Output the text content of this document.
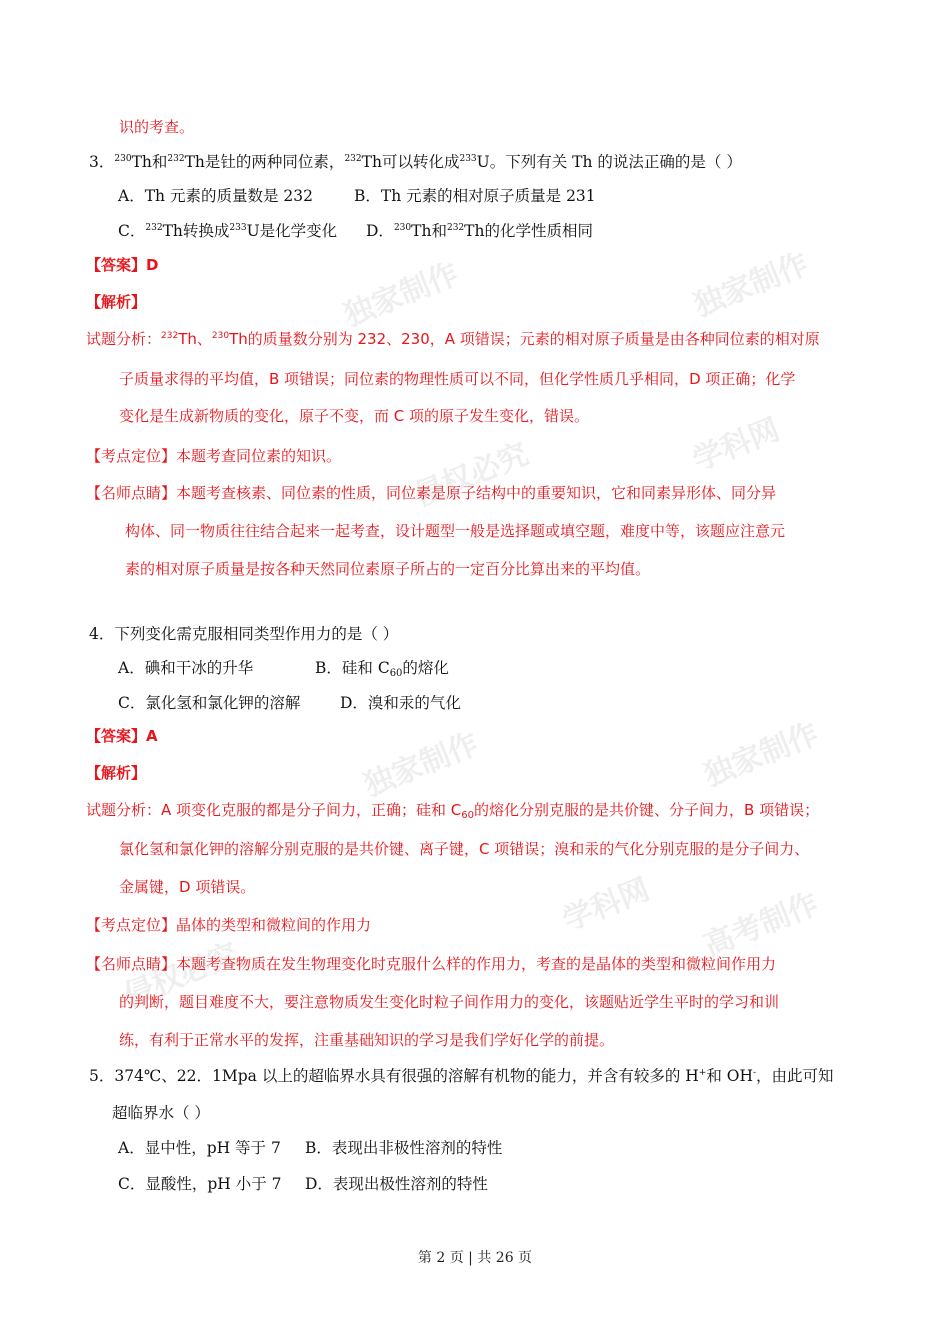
独家制作	独家制作
学科网
侵权必究
独家制作	独家制作
学科网 高考制作
侵权必究
识的考查。
3．$^{230}$Th和$^{232}$Th是钍的两种同位素，$^{232}$Th可以转化成$^{233}$U。下列有关 Th 的说法正确的是（ ）
A．Th 元素的质量数是 232	B．Th 元素的相对原子质量是 231
C．$^{232}$Th转换成$^{233}$U是化学变化 D．$^{230}$Th和$^{232}$Th的化学性质相同
【答案】D
【解析】
试题分析：$^{232}$Th、$^{230}$Th的质量数分别为 232、230，A 项错误；元素的相对原子质量是由各种同位素的相对原
子质量求得的平均值，B 项错误；同位素的物理性质可以不同，但化学性质几乎相同，D 项正确；化学
变化是生成新物质的变化，原子不变，而 C 项的原子发生变化，错误。
【考点定位】本题考查同位素的知识。
【名师点睛】本题考查核素、同位素的性质，同位素是原子结构中的重要知识，它和同素异形体、同分异
构体、同一物质往往结合起来一起考查，设计题型一般是选择题或填空题，难度中等，该题应注意元
素的相对原子质量是按各种天然同位素原子所占的一定百分比算出来的平均值。
4．下列变化需克服相同类型作用力的是（ ）
A．碘和干冰的升华	B．硅和 $C_{60}$的熔化
C．氯化氢和氯化钾的溶解	D．溴和汞的气化
【答案】A
【解析】
试题分析：A 项变化克服的都是分子间力，正确；硅和 $C_{60}$的熔化分别克服的是共价键、分子间力，B 项错误；
氯化氢和氯化钾的溶解分别克服的是共价键、离子键，C 项错误；溴和汞的气化分别克服的是分子间力、
金属键，D 项错误。
【考点定位】晶体的类型和微粒间的作用力
【名师点睛】本题考查物质在发生物理变化时克服什么样的作用力，考查的是晶体的类型和微粒间作用力
的判断，题目难度不大，要注意物质发生变化时粒子间作用力的变化，该题贴近学生平时的学习和训
练，有利于正常水平的发挥，注重基础知识的学习是我们学好化学的前提。
5．374℃、22．1Mpa 以上的超临界水具有很强的溶解有机物的能力，并含有较多的 H+和 OH-，由此可知
超临界水（ ）
A．显中性，pH 等于 7 B．表现出非极性溶剂的特性
C．显酸性，pH 小于 7 D．表现出极性溶剂的特性
第 2 页 | 共 26 页
